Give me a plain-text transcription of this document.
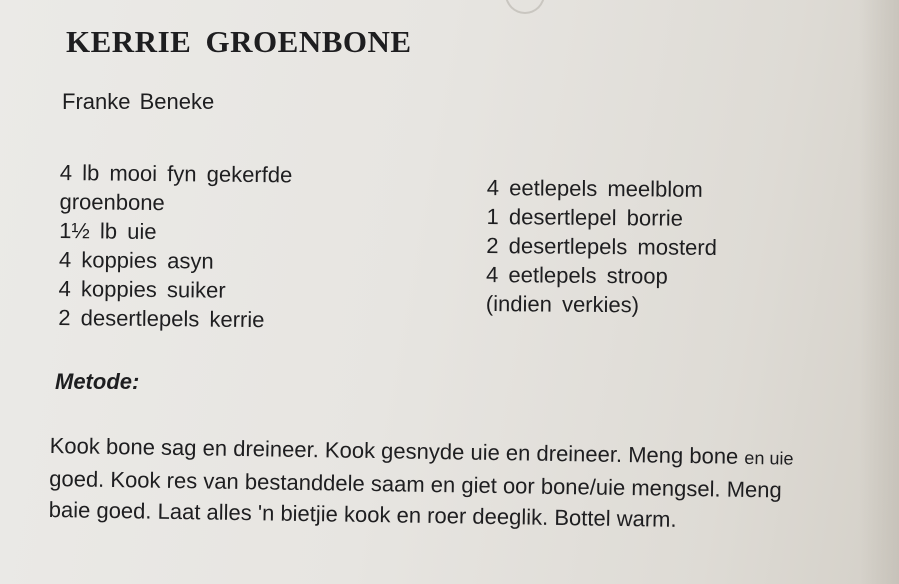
KERRIE GROENBONE
Franke Beneke
4 lb mooi fyn gekerfde
groenbone
1½ lb uie
4 koppies asyn
4 koppies suiker
2 desertlepels kerrie
4 eetlepels meelblom
1 desertlepel borrie
2 desertlepels mosterd
4 eetlepels stroop
(indien verkies)
Metode:
Kook bone sag en dreineer. Kook gesnyde uie en dreineer. Meng bone en uie
goed. Kook res van bestanddele saam en giet oor bone/uie mengsel. Meng
baie goed. Laat alles 'n bietjie kook en roer deeglik. Bottel warm.
